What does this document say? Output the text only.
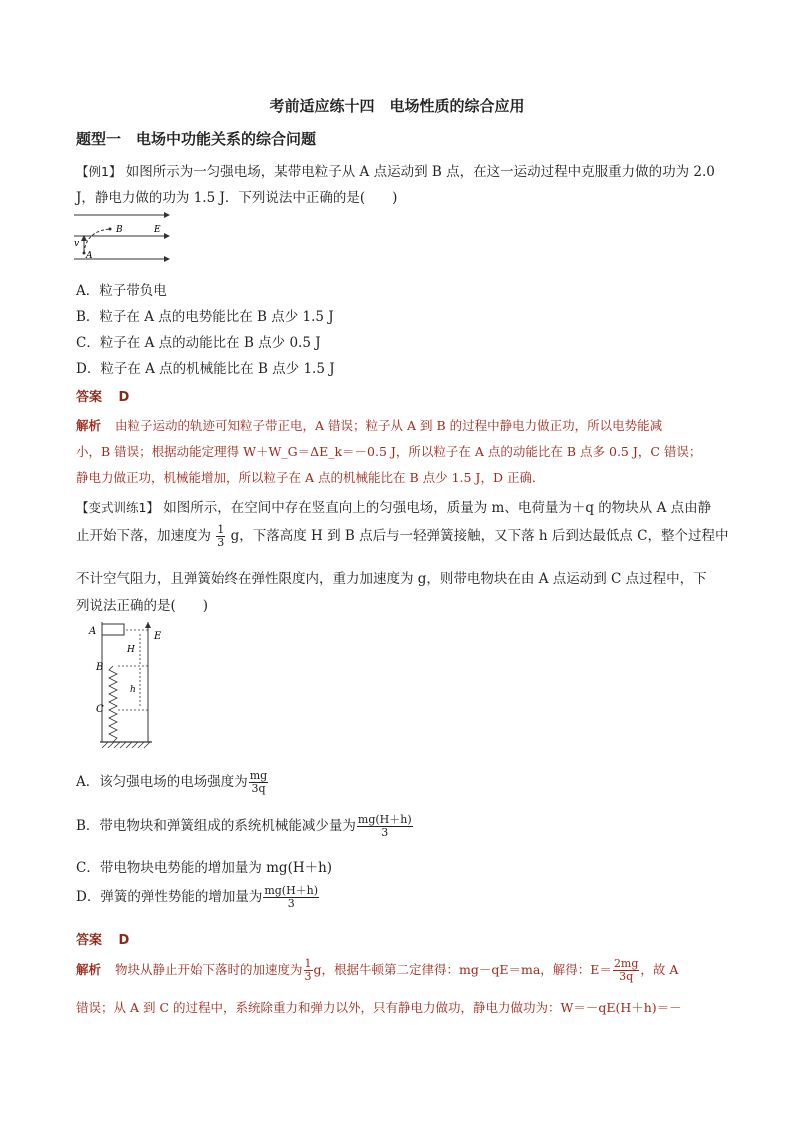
考前适应练十四　电场性质的综合应用
题型一　电场中功能关系的综合问题
【例1】 如图所示为一匀强电场，某带电粒子从 A 点运动到 B 点，在这一运动过程中克服重力做的功为 2.0
J，静电力做的功为 1.5 J．下列说法中正确的是(　　)
v
A
B	E
A．粒子带负电
B．粒子在 A 点的电势能比在 B 点少 1.5 J
C．粒子在 A 点的动能比在 B 点少 0.5 J
D．粒子在 A 点的机械能比在 B 点少 1.5 J
答案 D
解析 由粒子运动的轨迹可知粒子带正电，A 错误；粒子从 A 到 B 的过程中静电力做正功，所以电势能减
小，B 错误；根据动能定理得 W＋W_G＝ΔE_k＝－0.5 J，所以粒子在 A 点的动能比在 B 点多 0.5 J，C 错误；
静电力做正功，机械能增加，所以粒子在 A 点的机械能比在 B 点少 1.5 J，D 正确．
【变式训练1】 如图所示，在空间中存在竖直向上的匀强电场，质量为 m、电荷量为＋q 的物块从 A 点由静
止开始下落，加速度为 $\frac{1}{3}$ g，下落高度 H 到 B 点后与一轻弹簧接触，又下落 h 后到达最低点 C，整个过程中
不计空气阻力，且弹簧始终在弹性限度内，重力加速度为 g，则带电物块在由 A 点运动到 C 点过程中，下
列说法正确的是(　　)
A	E
H
B
h
C
A．该匀强电场的电场强度为 $\frac{mg}{3q}$
B．带电物块和弹簧组成的系统机械能减少量为 $\frac{mg(H+h)}{3}$
C．带电物块电势能的增加量为 mg(H＋h)
D．弹簧的弹性势能的增加量为 $\frac{mg(H+h)}{3}$
答案 D
解析 物块从静止开始下落时的加速度为 $\frac{1}{3}$ g，根据牛顿第二定律得：mg－qE＝ma，解得：$E= \frac{2mg}{3q}$ ，故 A
错误；从 A 到 C 的过程中，系统除重力和弹力以外，只有静电力做功，静电力做功为：W＝－qE(H＋h)＝－
